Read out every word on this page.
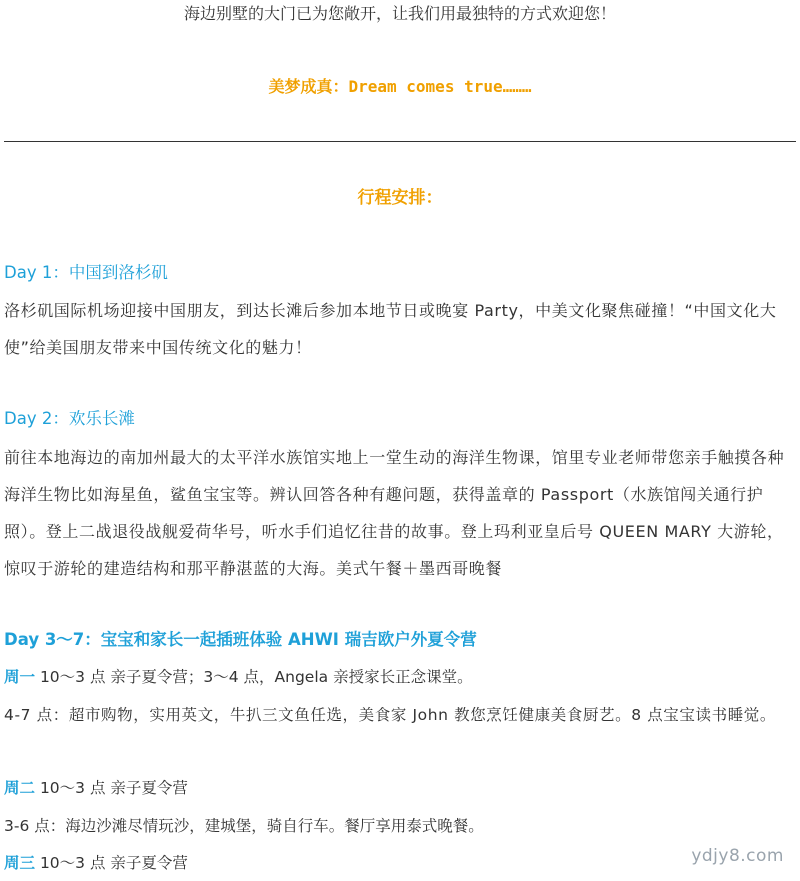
海边别墅的大门已为您敞开，让我们用最独特的方式欢迎您！
美梦成真：Dream comes true………
行程安排：
Day 1：中国到洛杉矶
洛杉矶国际机场迎接中国朋友，到达长滩后参加本地节日或晚宴 Party，中美文化聚焦碰撞！“中国文化大使”给美国朋友带来中国传统文化的魅力！
Day 2：欢乐长滩
前往本地海边的南加州最大的太平洋水族馆实地上一堂生动的海洋生物课，馆里专业老师带您亲手触摸各种海洋生物比如海星鱼，鲨鱼宝宝等。辨认回答各种有趣问题，获得盖章的 Passport（水族馆闯关通行护照）。登上二战退役战舰爱荷华号，听水手们追忆往昔的故事。登上玛利亚皇后号 QUEEN MARY 大游轮，惊叹于游轮的建造结构和那平静湛蓝的大海。美式午餐＋墨西哥晚餐
Day 3～7：宝宝和家长一起插班体验 AHWI 瑞吉欧户外夏令营
周一 10～3 点 亲子夏令营；3～4 点，Angela 亲授家长正念课堂。
4-7 点：超市购物，实用英文，牛扒三文鱼任选，美食家 John 教您烹饪健康美食厨艺。8 点宝宝读书睡觉。
周二 10～3 点 亲子夏令营
3-6 点：海边沙滩尽情玩沙，建城堡，骑自行车。餐厅享用泰式晚餐。
周三 10～3 点 亲子夏令营	ydjy8.com
